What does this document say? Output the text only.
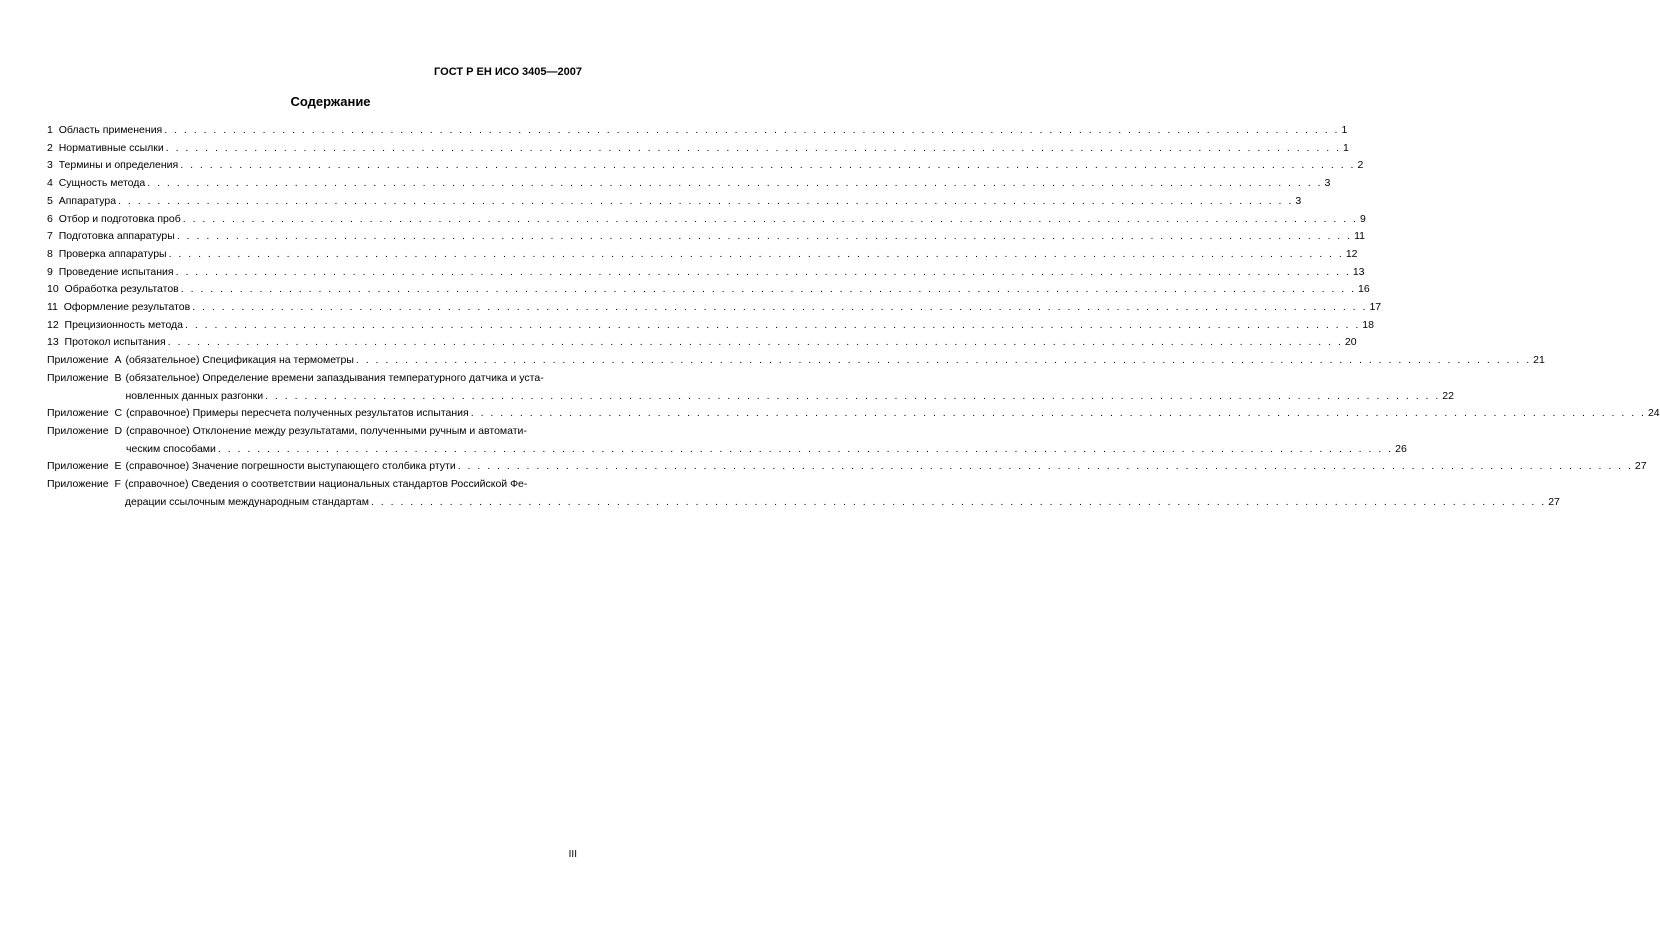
ГОСТ Р ЕН ИСО 3405—2007
Содержание
1 Область применения . . . . . . . . . . . . . . . . . . . . . . . . . . . . . . . . . . . . . . . . . . . . . . . . . . . . . . . . . . . . . . . . . . . . . . . . . . . . . . . . . . . . . . . . . . . . . . . . . . . . . . . . . . . . . . . . . . . . . . . . 1
2 Нормативные ссылки . . . . . . . . . . . . . . . . . . . . . . . . . . . . . . . . . . . . . . . . . . . . . . . . . . . . . . . . . . . . . . . . . . . . . . . . . . . . . . . . . . . . . . . . . . . . . . . . . . . . . . . . . . . . . . . . . . . . . . . . 1
3 Термины и определения . . . . . . . . . . . . . . . . . . . . . . . . . . . . . . . . . . . . . . . . . . . . . . . . . . . . . . . . . . . . . . . . . . . . . . . . . . . . . . . . . . . . . . . . . . . . . . . . . . . . . . . . . . . . . . . . . . . . . . . . 2
4 Сущность метода . . . . . . . . . . . . . . . . . . . . . . . . . . . . . . . . . . . . . . . . . . . . . . . . . . . . . . . . . . . . . . . . . . . . . . . . . . . . . . . . . . . . . . . . . . . . . . . . . . . . . . . . . . . . . . . . . . . . . . . . 3
5 Аппаратура . . . . . . . . . . . . . . . . . . . . . . . . . . . . . . . . . . . . . . . . . . . . . . . . . . . . . . . . . . . . . . . . . . . . . . . . . . . . . . . . . . . . . . . . . . . . . . . . . . . . . . . . . . . . . . . . . . . . . . . . 3
6 Отбор и подготовка проб . . . . . . . . . . . . . . . . . . . . . . . . . . . . . . . . . . . . . . . . . . . . . . . . . . . . . . . . . . . . . . . . . . . . . . . . . . . . . . . . . . . . . . . . . . . . . . . . . . . . . . . . . . . . . . . . . . . . . . . . 9
7 Подготовка аппаратуры . . . . . . . . . . . . . . . . . . . . . . . . . . . . . . . . . . . . . . . . . . . . . . . . . . . . . . . . . . . . . . . . . . . . . . . . . . . . . . . . . . . . . . . . . . . . . . . . . . . . . . . . . . . . . . . . . . . . . . . . 11
8 Проверка аппаратуры . . . . . . . . . . . . . . . . . . . . . . . . . . . . . . . . . . . . . . . . . . . . . . . . . . . . . . . . . . . . . . . . . . . . . . . . . . . . . . . . . . . . . . . . . . . . . . . . . . . . . . . . . . . . . . . . . . . . . . . . 12
9 Проведение испытания . . . . . . . . . . . . . . . . . . . . . . . . . . . . . . . . . . . . . . . . . . . . . . . . . . . . . . . . . . . . . . . . . . . . . . . . . . . . . . . . . . . . . . . . . . . . . . . . . . . . . . . . . . . . . . . . . . . . . . . . 13
10 Обработка результатов . . . . . . . . . . . . . . . . . . . . . . . . . . . . . . . . . . . . . . . . . . . . . . . . . . . . . . . . . . . . . . . . . . . . . . . . . . . . . . . . . . . . . . . . . . . . . . . . . . . . . . . . . . . . . . . . . . . . . . . . 16
11 Оформление результатов . . . . . . . . . . . . . . . . . . . . . . . . . . . . . . . . . . . . . . . . . . . . . . . . . . . . . . . . . . . . . . . . . . . . . . . . . . . . . . . . . . . . . . . . . . . . . . . . . . . . . . . . . . . . . . . . . . . . . . . . 17
12 Прецизионность метода . . . . . . . . . . . . . . . . . . . . . . . . . . . . . . . . . . . . . . . . . . . . . . . . . . . . . . . . . . . . . . . . . . . . . . . . . . . . . . . . . . . . . . . . . . . . . . . . . . . . . . . . . . . . . . . . . . . . . . . . 18
13 Протокол испытания . . . . . . . . . . . . . . . . . . . . . . . . . . . . . . . . . . . . . . . . . . . . . . . . . . . . . . . . . . . . . . . . . . . . . . . . . . . . . . . . . . . . . . . . . . . . . . . . . . . . . . . . . . . . . . . . . . . . . . . . 20
Приложение A (обязательное) Спецификация на термометры . . . . . . . . . . . . . . . . . . . . . . . . . . . . . . . . . . . . . . . . . . . . . . . . . . . . . . . . . . . . . . . . . . . . . . . . . . . . . . . . . . . . . . . . . . . . . . . . . . . . . . . . . . . . . . . . . . . . . . . . 21
Приложение B (обязательное) Определение времени запаздывания температурного датчика и уста-
новленных данных разгонки . . . . . . . . . . . . . . . . . . . . . . . . . . . . . . . . . . . . . . . . . . . . . . . . . . . . . . . . . . . . . . . . . . . . . . . . . . . . . . . . . . . . . . . . . . . . . . . . . . . . . . . . . . . . . . . . . . . . . . . . 22
Приложение C (справочное) Примеры пересчета полученных результатов испытания . . . . . . . . . . . . . . . . . . . . . . . . . . . . . . . . . . . . . . . . . . . . . . . . . . . . . . . . . . . . . . . . . . . . . . . . . . . . . . . . . . . . . . . . . . . . . . . . . . . . . . . . . . . . . . . . . . . . . . . . 24
Приложение D (справочное) Отклонение между результатами, полученными ручным и автомати-
ческим способами . . . . . . . . . . . . . . . . . . . . . . . . . . . . . . . . . . . . . . . . . . . . . . . . . . . . . . . . . . . . . . . . . . . . . . . . . . . . . . . . . . . . . . . . . . . . . . . . . . . . . . . . . . . . . . . . . . . . . . . . 26
Приложение E (справочное) Значение погрешности выступающего столбика ртути . . . . . . . . . . . . . . . . . . . . . . . . . . . . . . . . . . . . . . . . . . . . . . . . . . . . . . . . . . . . . . . . . . . . . . . . . . . . . . . . . . . . . . . . . . . . . . . . . . . . . . . . . . . . . . . . . . . . . . . . 27
Приложение F (справочное) Сведения о соответствии национальных стандартов Российской Фе-
дерации ссылочным международным стандартам . . . . . . . . . . . . . . . . . . . . . . . . . . . . . . . . . . . . . . . . . . . . . . . . . . . . . . . . . . . . . . . . . . . . . . . . . . . . . . . . . . . . . . . . . . . . . . . . . . . . . . . . . . . . . . . . . . . . . . . . 27
III
